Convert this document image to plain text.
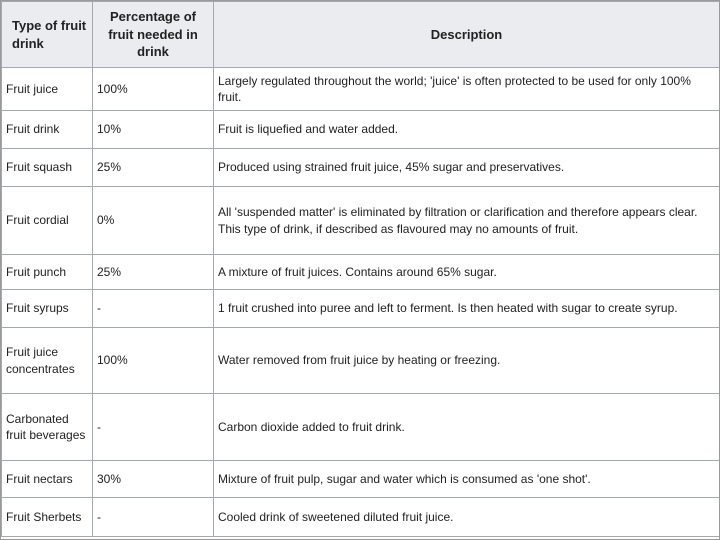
Type of fruit drink	Percentage of fruit needed in drink	Description
Fruit juice	100%	Largely regulated throughout the world; 'juice' is often protected to be used for only 100% fruit.
Fruit drink	10%	Fruit is liquefied and water added.
Fruit squash	25%	Produced using strained fruit juice, 45% sugar and preservatives.
Fruit cordial	0%	All 'suspended matter' is eliminated by filtration or clarification and therefore appears clear. This type of drink, if described as flavoured may no amounts of fruit.
Fruit punch	25%	A mixture of fruit juices. Contains around 65% sugar.
Fruit syrups	-	1 fruit crushed into puree and left to ferment. Is then heated with sugar to create syrup.
Fruit juice concentrates	100%	Water removed from fruit juice by heating or freezing.
Carbonated fruit beverages	-	Carbon dioxide added to fruit drink.
Fruit nectars	30%	Mixture of fruit pulp, sugar and water which is consumed as 'one shot'.
Fruit Sherbets	-	Cooled drink of sweetened diluted fruit juice.
